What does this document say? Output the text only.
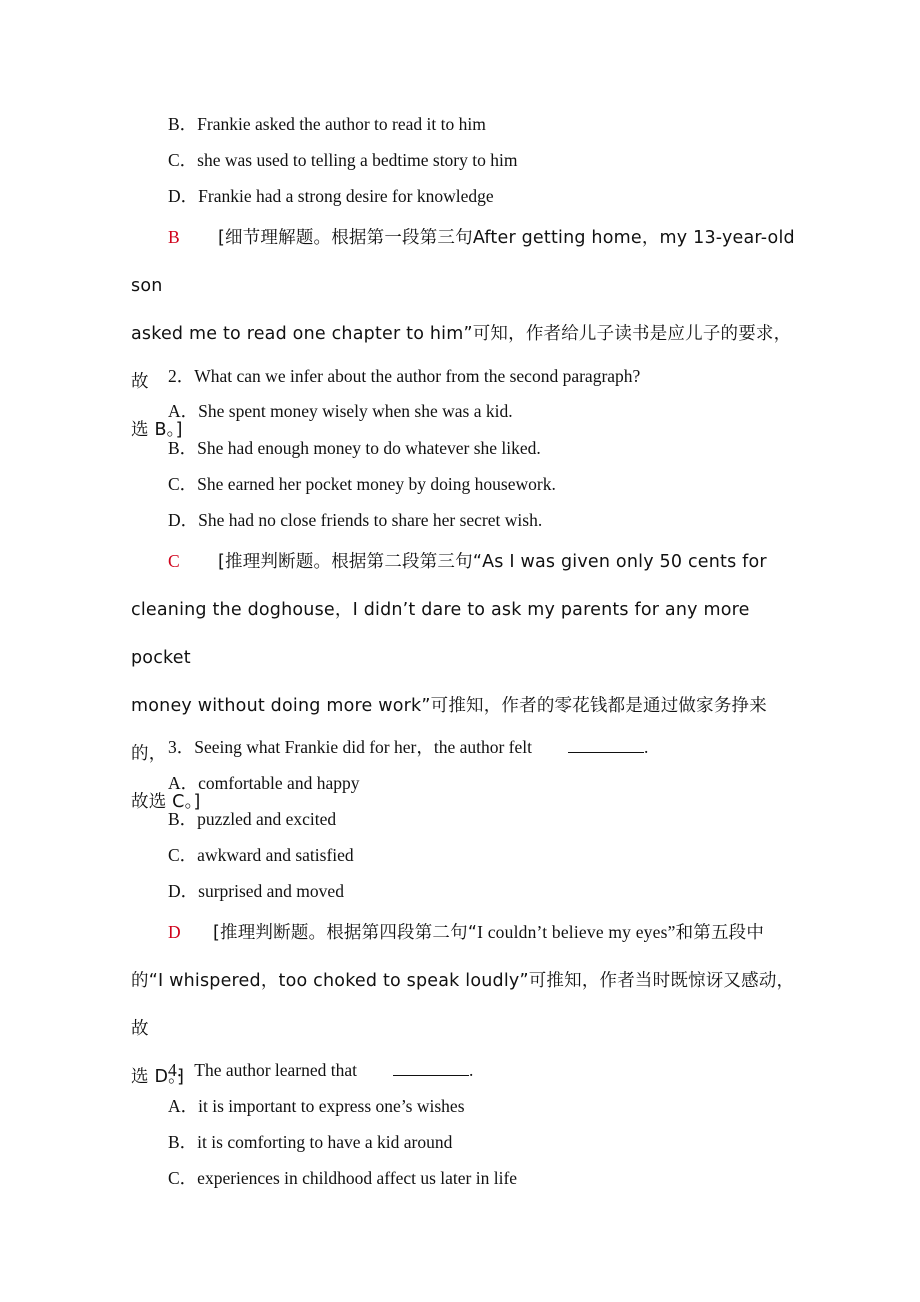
B．Frankie asked the author to read it to him
C．she was used to telling a bedtime story to him
D．Frankie had a strong desire for knowledge
B [细节理解题。根据第一段第三句After getting home，my 13-year-old son
asked me to read one chapter to him”可知，作者给儿子读书是应儿子的要求，故
选 B。]
2．What can we infer about the author from the second paragraph?
A．She spent money wisely when she was a kid.
B．She had enough money to do whatever she liked.
C．She earned her pocket money by doing housework.
D．She had no close friends to share her secret wish.
C [推理判断题。根据第二段第三句“As I was given only 50 cents for
cleaning the doghouse，I didn’t dare to ask my parents for any more pocket
money without doing more work”可推知，作者的零花钱都是通过做家务挣来的，
故选 C。]
3．Seeing what Frankie did for her，the author felt	.
A．comfortable and happy
B．puzzled and excited
C．awkward and satisfied
D．surprised and moved
D [推理判断题。根据第四段第二句“I couldn’t believe my eyes”和第五段中
的“I whispered，too choked to speak loudly”可推知，作者当时既惊讶又感动，故
选 D。]
4．The author learned that	.
A．it is important to express one’s wishes
B．it is comforting to have a kid around
C．experiences in childhood affect us later in life
